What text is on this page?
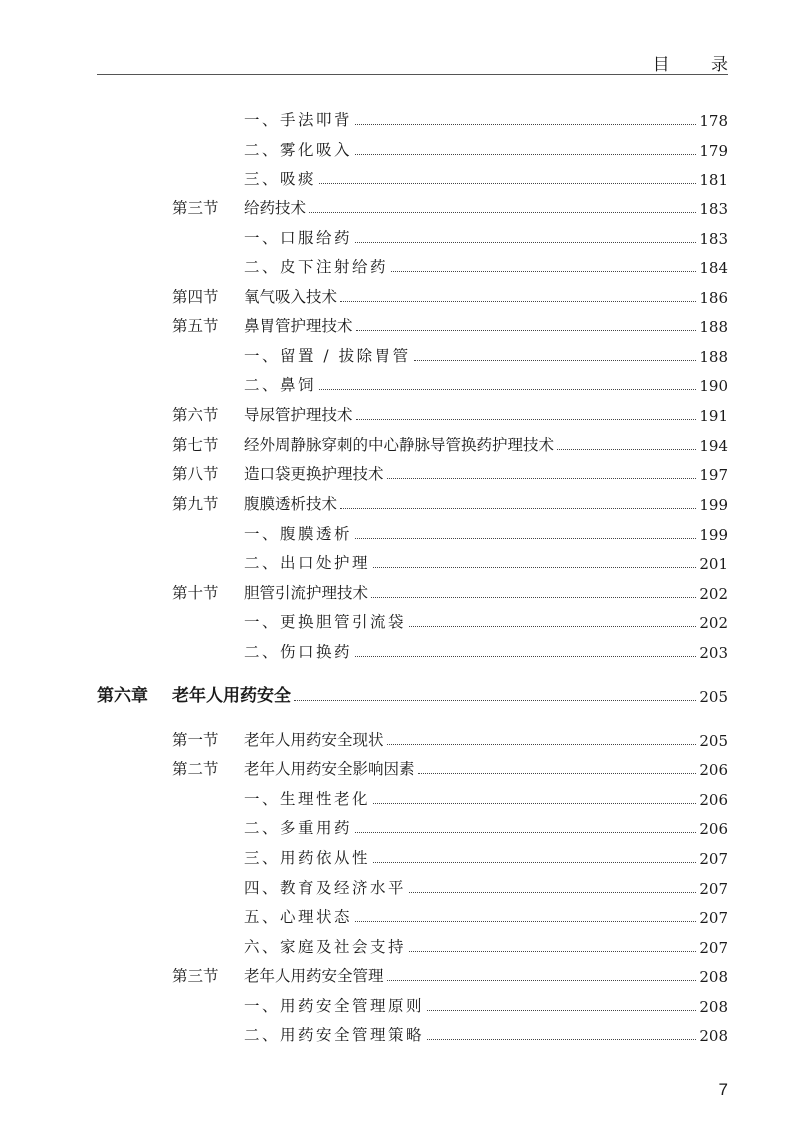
目 录
一、手法叩背	178
二、雾化吸入	179
三、吸痰	181
第三节 给药技术	183
一、口服给药	183
二、皮下注射给药	184
第四节 氧气吸入技术	186
第五节 鼻胃管护理技术	188
一、留置 / 拔除胃管	188
二、鼻饲	190
第六节 导尿管护理技术	191
第七节 经外周静脉穿刺的中心静脉导管换药护理技术	194
第八节 造口袋更换护理技术	197
第九节 腹膜透析技术	199
一、腹膜透析	199
二、出口处护理	201
第十节 胆管引流护理技术	202
一、更换胆管引流袋	202
二、伤口换药	203
第六章 老年人用药安全	205
第一节 老年人用药安全现状	205
第二节 老年人用药安全影响因素	206
一、生理性老化	206
二、多重用药	206
三、用药依从性	207
四、教育及经济水平	207
五、心理状态	207
六、家庭及社会支持	207
第三节 老年人用药安全管理	208
一、用药安全管理原则	208
二、用药安全管理策略	208
7
